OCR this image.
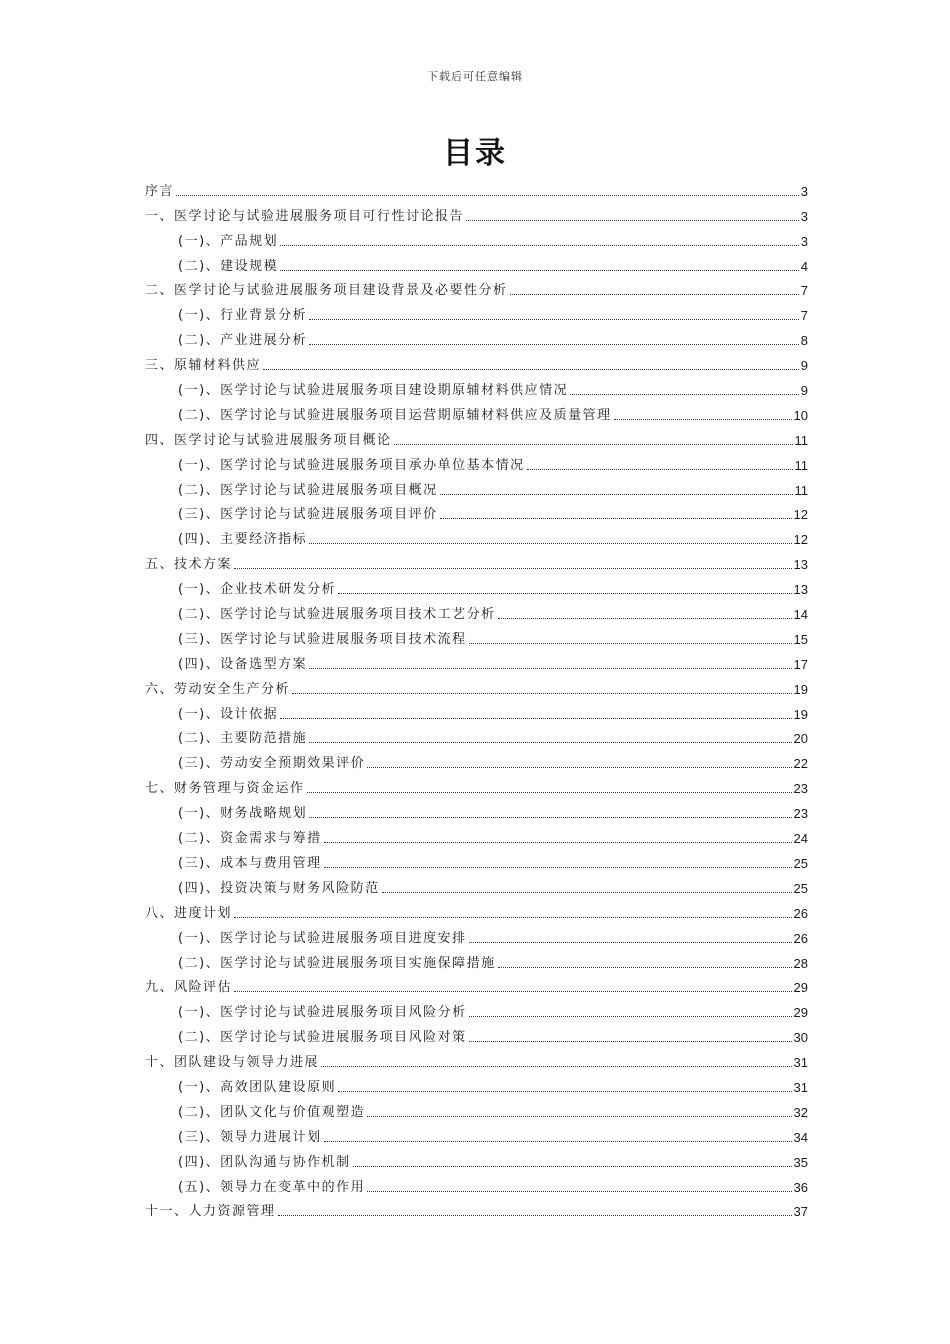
下载后可任意编辑
目录
序言	3
一、医学讨论与试验进展服务项目可行性讨论报告	3
(一)、产品规划	3
(二)、建设规模	4
二、医学讨论与试验进展服务项目建设背景及必要性分析	7
(一)、行业背景分析	7
(二)、产业进展分析	8
三、原辅材料供应	9
(一)、医学讨论与试验进展服务项目建设期原辅材料供应情况	9
(二)、医学讨论与试验进展服务项目运营期原辅材料供应及质量管理	10
四、医学讨论与试验进展服务项目概论	11
(一)、医学讨论与试验进展服务项目承办单位基本情况	11
(二)、医学讨论与试验进展服务项目概况	11
(三)、医学讨论与试验进展服务项目评价	12
(四)、主要经济指标	12
五、技术方案	13
(一)、企业技术研发分析	13
(二)、医学讨论与试验进展服务项目技术工艺分析	14
(三)、医学讨论与试验进展服务项目技术流程	15
(四)、设备选型方案	17
六、劳动安全生产分析	19
(一)、设计依据	19
(二)、主要防范措施	20
(三)、劳动安全预期效果评价	22
七、财务管理与资金运作	23
(一)、财务战略规划	23
(二)、资金需求与筹措	24
(三)、成本与费用管理	25
(四)、投资决策与财务风险防范	25
八、进度计划	26
(一)、医学讨论与试验进展服务项目进度安排	26
(二)、医学讨论与试验进展服务项目实施保障措施	28
九、风险评估	29
(一)、医学讨论与试验进展服务项目风险分析	29
(二)、医学讨论与试验进展服务项目风险对策	30
十、团队建设与领导力进展	31
(一)、高效团队建设原则	31
(二)、团队文化与价值观塑造	32
(三)、领导力进展计划	34
(四)、团队沟通与协作机制	35
(五)、领导力在变革中的作用	36
十一、人力资源管理	37
